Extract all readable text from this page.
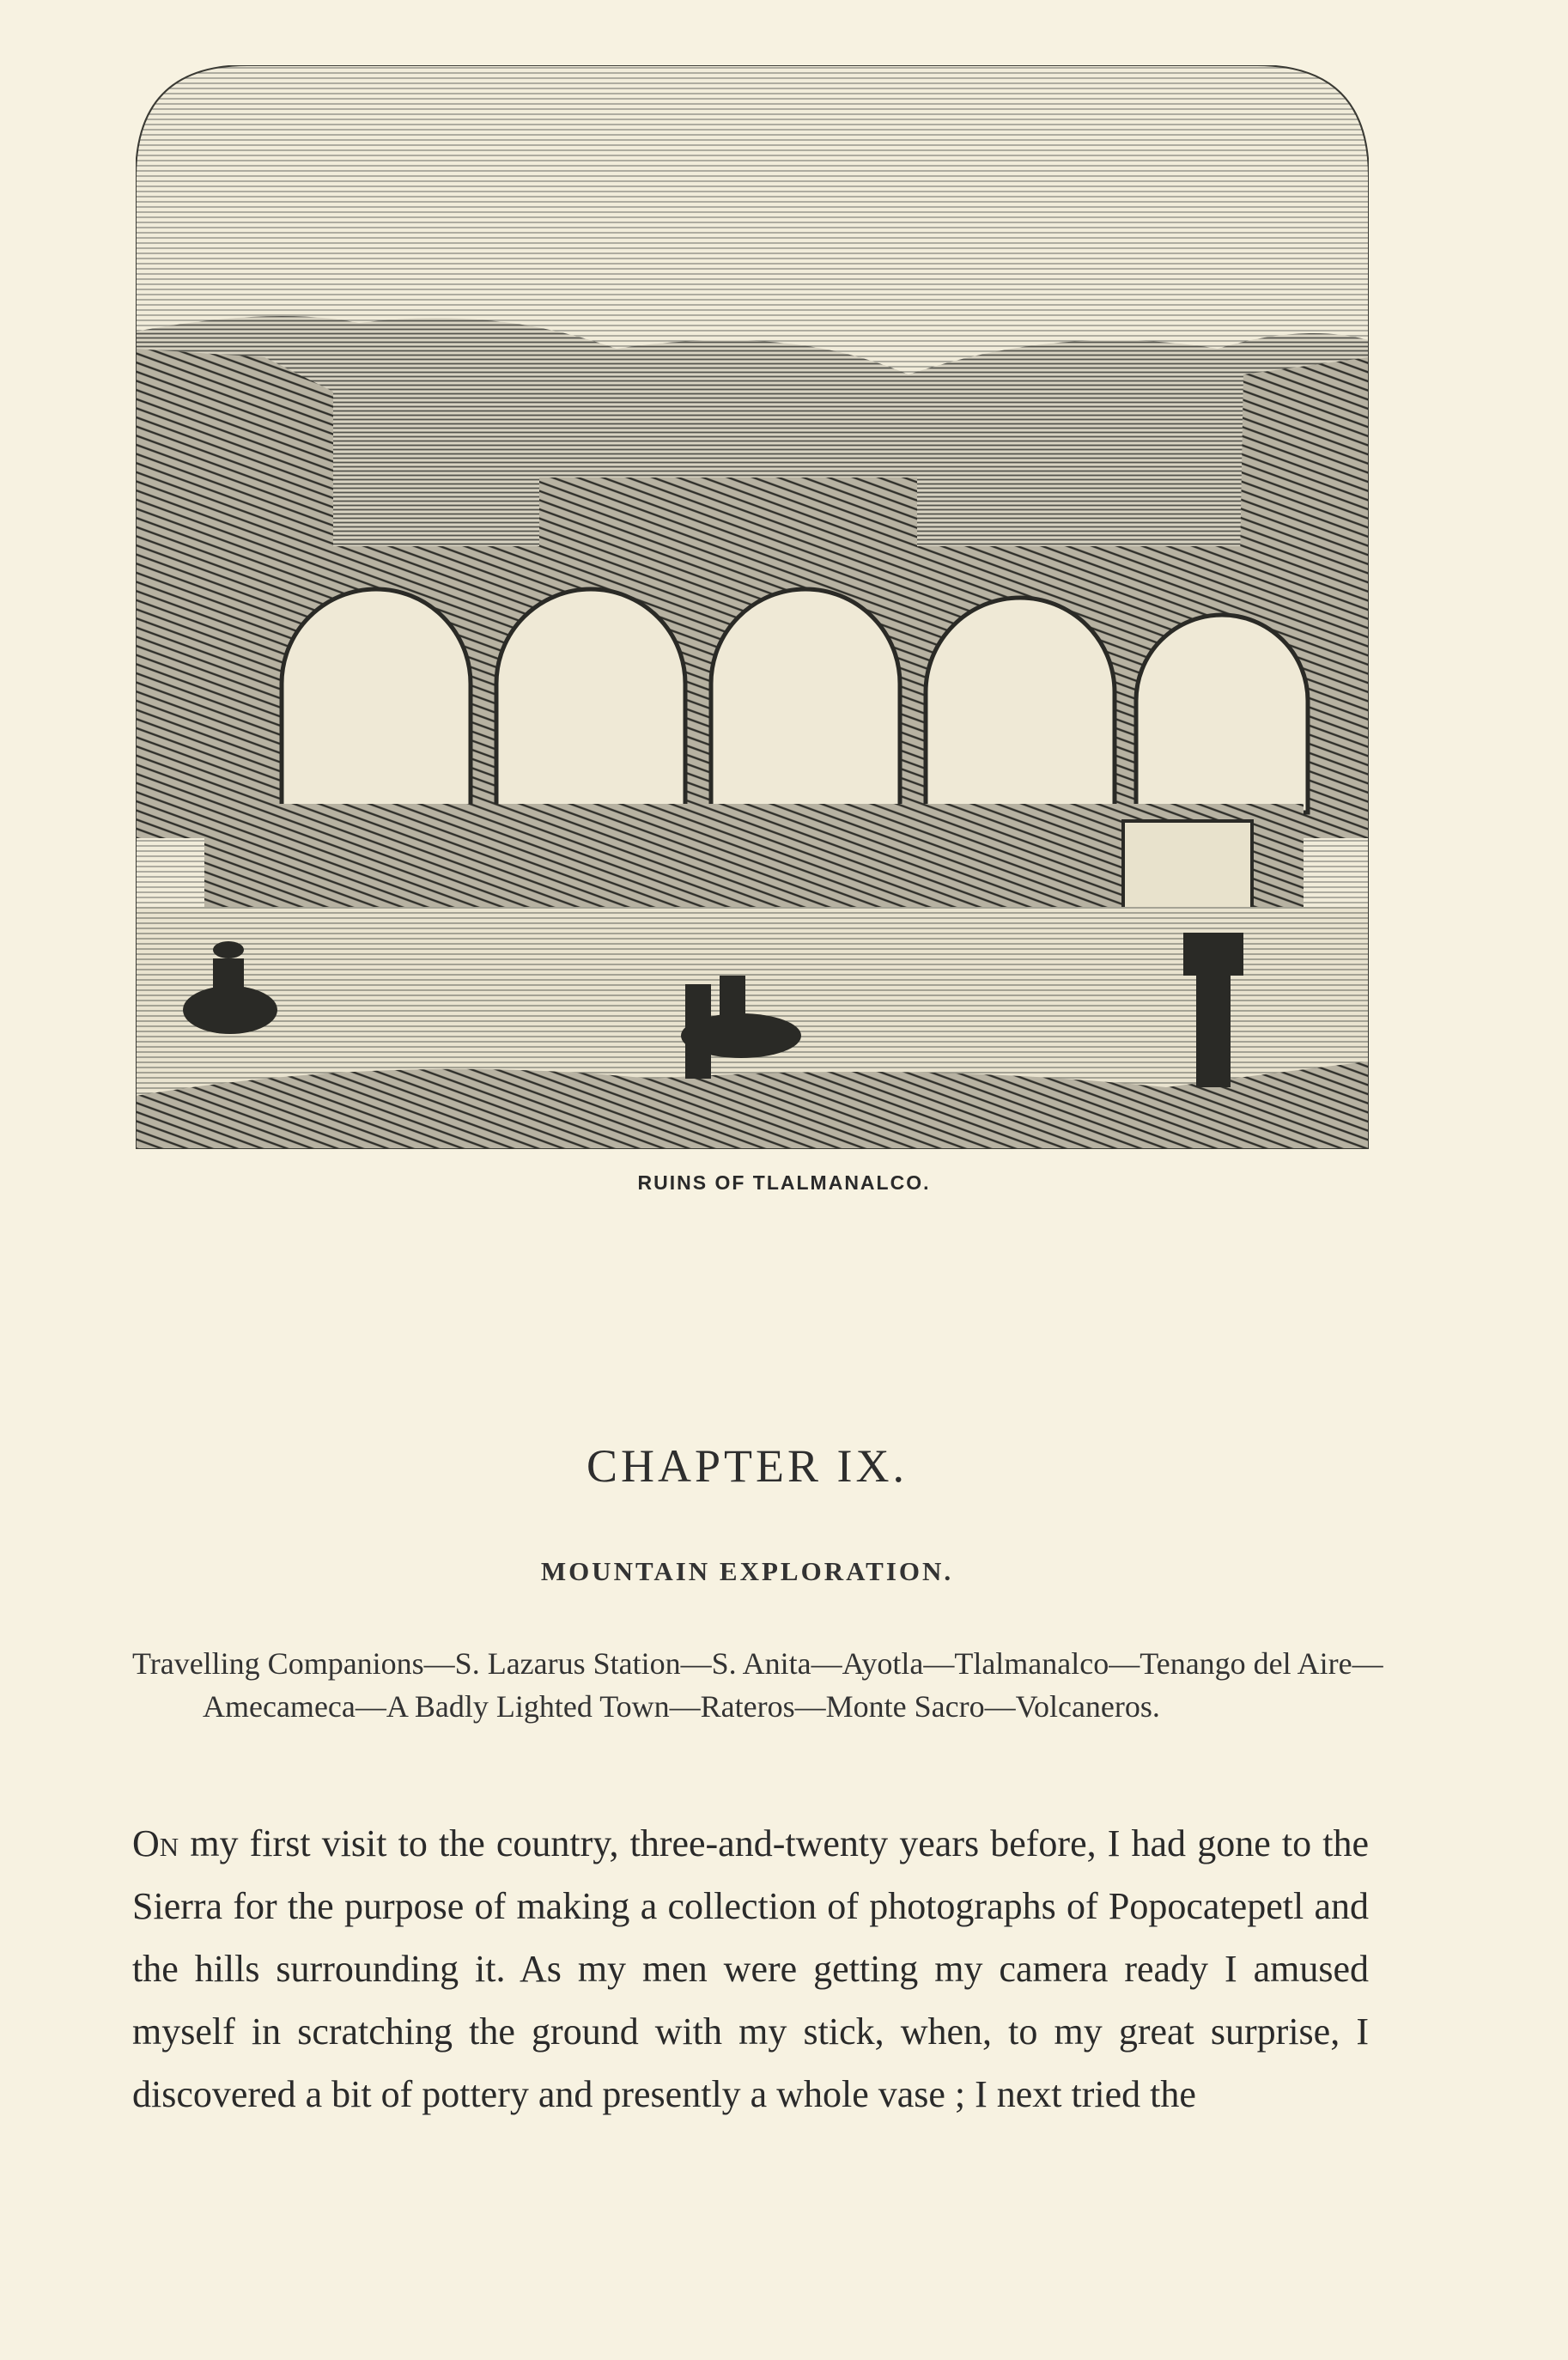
RUINS OF TLALMANALCO.
CHAPTER IX.
MOUNTAIN EXPLORATION.

Travelling Companions—S. Lazarus Station—S. Anita—Ayotla—Tlalmanalco—Tenango del Aire—Amecameca—A Badly Lighted Town—Rateros—Monte Sacro—Volcaneros.

On my first visit to the country, three-and-twenty years before, I had gone to the Sierra for the purpose of making a collection of photographs of Popocatepetl and the hills surrounding it. As my men were getting my camera ready I amused myself in scratching the ground with my stick, when, to my great surprise, I discovered a bit of pottery and presently a whole vase ; I next tried the
